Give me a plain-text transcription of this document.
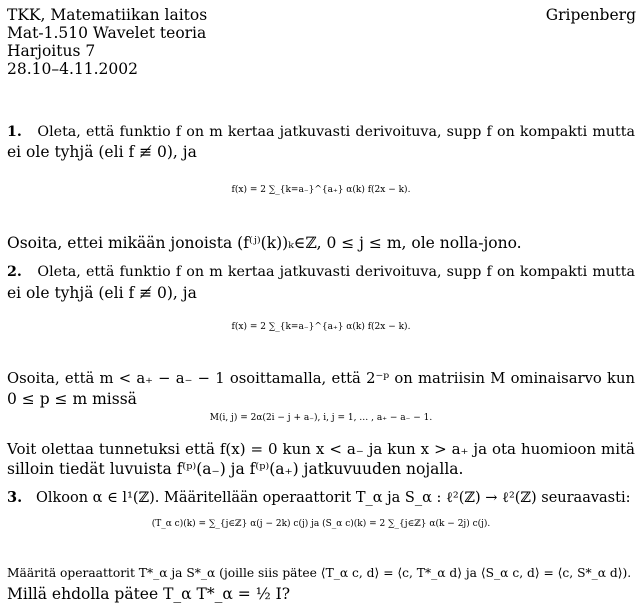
TKK, Matematiikan laitos
Mat-1.510 Wavelet teoria
Harjoitus 7
28.10–4.11.2002
Gripenberg
1. Oleta, että funktio f on m kertaa jatkuvasti derivoituva, supp f on kompakti mutta
ei ole tyhjä (eli f ≢ 0), ja
f(x) = 2 ∑_{k=a₋}^{a₊} α(k) f(2x − k).
Osoita, ettei mikään jonoista (f⁽ʲ⁾(k))ₖ∈ℤ, 0 ≤ j ≤ m, ole nolla-jono.
2. Oleta, että funktio f on m kertaa jatkuvasti derivoituva, supp f on kompakti mutta
ei ole tyhjä (eli f ≢ 0), ja
f(x) = 2 ∑_{k=a₋}^{a₊} α(k) f(2x − k).
Osoita, että m < a₊ − a₋ − 1 osoittamalla, että 2⁻ᵖ on matriisin M ominaisarvo kun
0 ≤ p ≤ m missä
M(i, j) = 2α(2i − j + a₋), i, j = 1, … , a₊ − a₋ − 1.
Voit olettaa tunnetuksi että f(x) = 0 kun x < a₋ ja kun x > a₊ ja ota huomioon mitä
silloin tiedät luvuista f⁽ᵖ⁾(a₋) ja f⁽ᵖ⁾(a₊) jatkuvuuden nojalla.
3. Olkoon α ∈ l¹(ℤ). Määritellään operaattorit T_α ja S_α : ℓ²(ℤ) → ℓ²(ℤ) seuraavasti:
(T_α c)(k) = ∑_{j∈ℤ} α(j − 2k) c(j) ja (S_α c)(k) = 2 ∑_{j∈ℤ} α(k − 2j) c(j).
Määritä operaattorit T*_α ja S*_α (joille siis pätee ⟨T_α c, d⟩ = ⟨c, T*_α d⟩ ja ⟨S_α c, d⟩ = ⟨c, S*_α d⟩).
Millä ehdolla pätee T_α T*_α = ½ I?
